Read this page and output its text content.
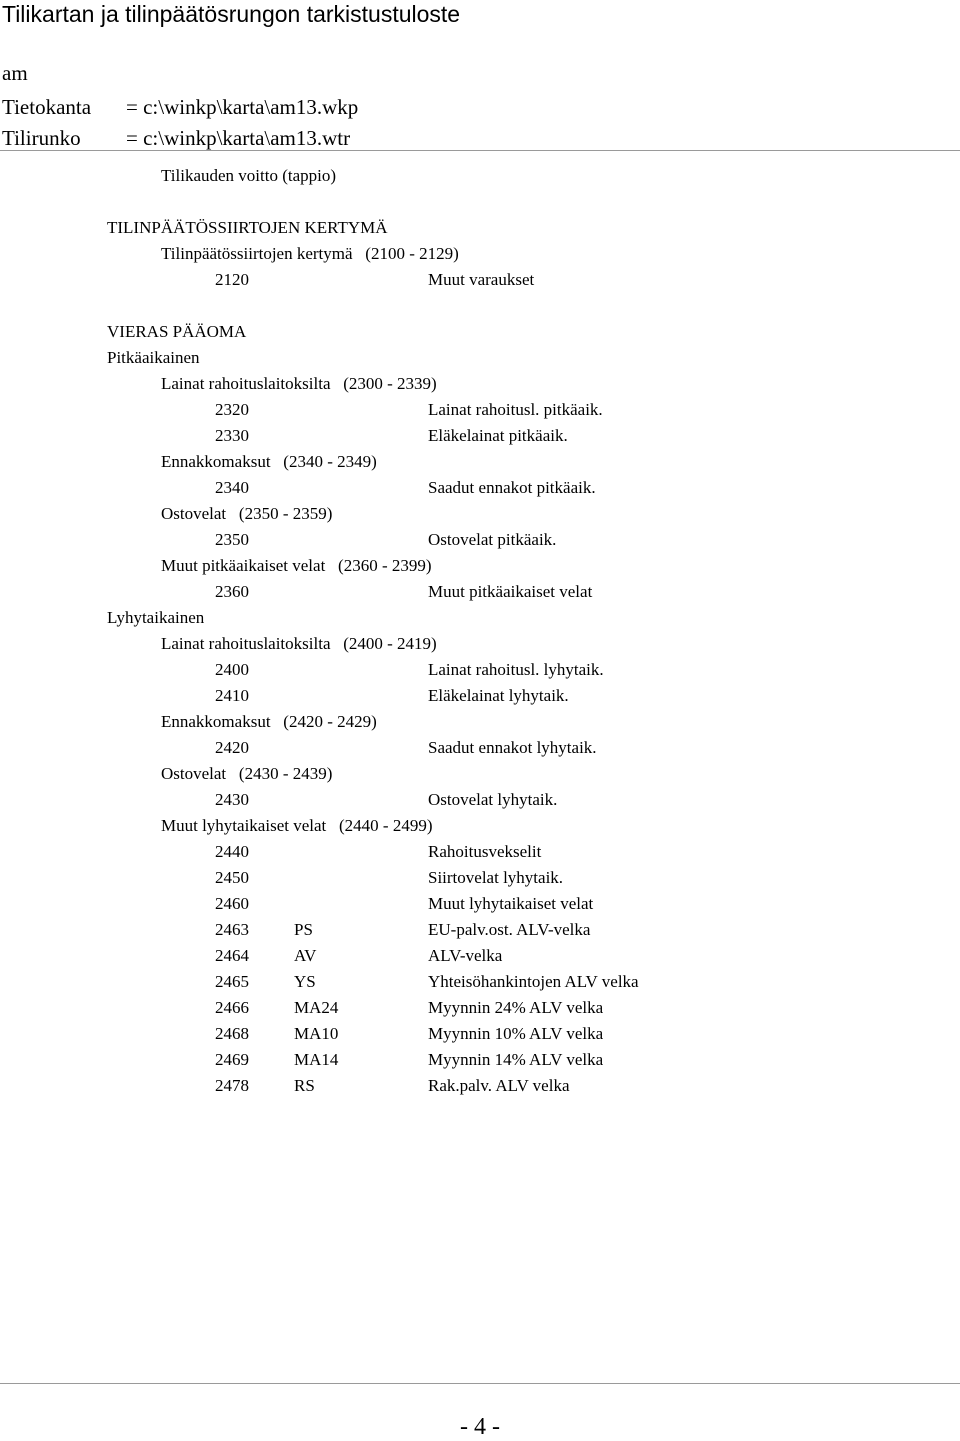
Tilikartan ja tilinpäätösrungon tarkistustuloste
am
Tietokanta = c:\winkp\karta\am13.wkp
Tilirunko = c:\winkp\karta\am13.wtr
Tilikauden voitto (tappio)
TILINPÄÄTÖSSIIRTOJEN KERTYMÄ
Tilinpäätössiirtojen kertymä   (2100 - 2129)
2120	Muut varaukset
VIERAS PÄÄOMA
Pitkäaikainen
Lainat rahoituslaitoksilta   (2300 - 2339)
2320	Lainat rahoitusl. pitkäaik.
2330	Eläkelainat pitkäaik.
Ennakkomaksut   (2340 - 2349)
2340	Saadut ennakot pitkäaik.
Ostovelat   (2350 - 2359)
2350	Ostovelat pitkäaik.
Muut pitkäaikaiset velat   (2360 - 2399)
2360	Muut pitkäaikaiset velat
Lyhytaikainen
Lainat rahoituslaitoksilta   (2400 - 2419)
2400	Lainat rahoitusl. lyhytaik.
2410	Eläkelainat lyhytaik.
Ennakkomaksut   (2420 - 2429)
2420	Saadut ennakot lyhytaik.
Ostovelat   (2430 - 2439)
2430	Ostovelat lyhytaik.
Muut lyhytaikaiset velat   (2440 - 2499)
2440	Rahoitusvekselit
2450	Siirtovelat lyhytaik.
2460	Muut lyhytaikaiset velat
2463	PS	EU-palv.ost. ALV-velka
2464	AV	ALV-velka
2465	YS	Yhteisöhankintojen ALV velka
2466	MA24	Myynnin 24% ALV velka
2468	MA10	Myynnin 10% ALV velka
2469	MA14	Myynnin 14% ALV velka
2478	RS	Rak.palv. ALV velka
- 4 -
